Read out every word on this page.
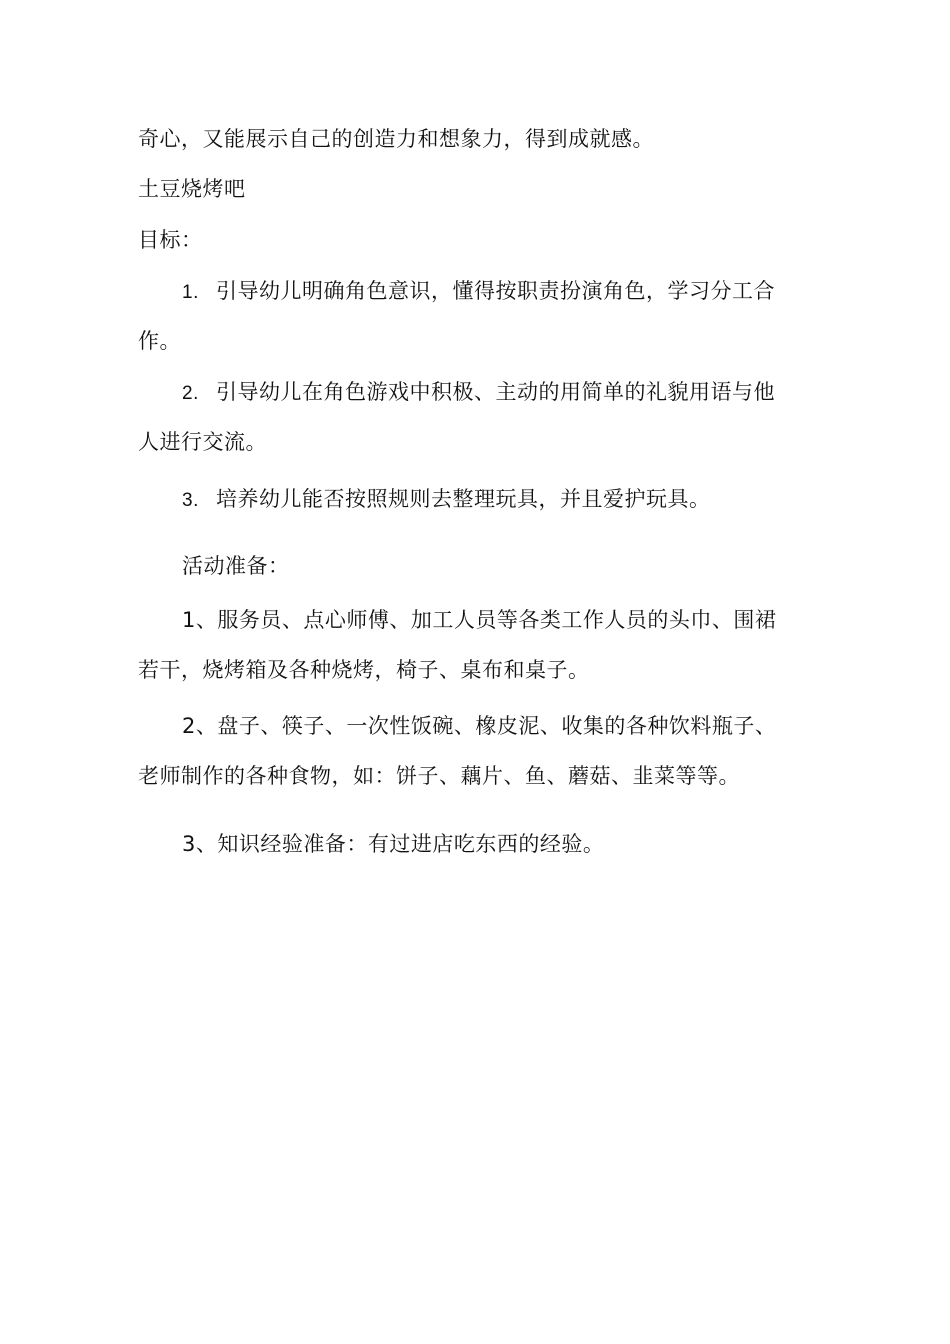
奇心，又能展示自己的创造力和想象力，得到成就感。
土豆烧烤吧
目标：
1. 引导幼儿明确角色意识，懂得按职责扮演角色，学习分工合
作。
2. 引导幼儿在角色游戏中积极、主动的用简单的礼貌用语与他
人进行交流。
3. 培养幼儿能否按照规则去整理玩具，并且爱护玩具。
活动准备：
1、服务员、点心师傅、加工人员等各类工作人员的头巾、围裙
若干，烧烤箱及各种烧烤，椅子、桌布和桌子。
2、盘子、筷子、一次性饭碗、橡皮泥、收集的各种饮料瓶子、
老师制作的各种食物，如：饼子、藕片、鱼、蘑菇、韭菜等等。
3、知识经验准备：有过进店吃东西的经验。
